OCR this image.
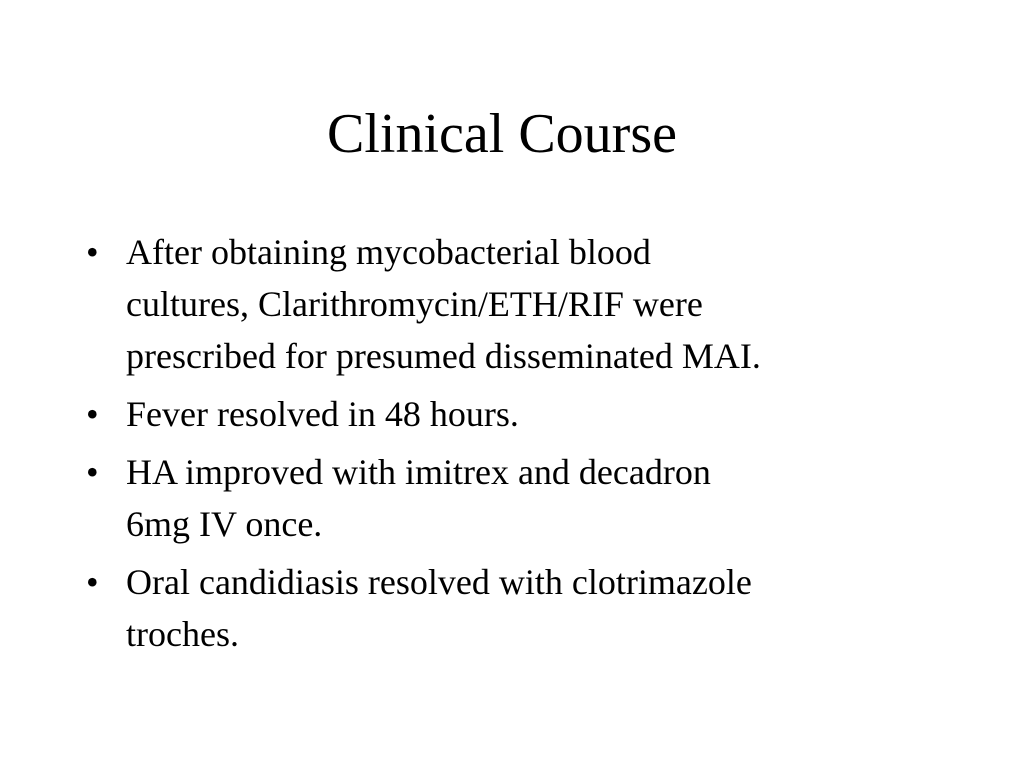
Clinical Course
• After obtaining mycobacterial blood
cultures, Clarithromycin/ETH/RIF were
prescribed for presumed disseminated MAI.
• Fever resolved in 48 hours.
• HA improved with imitrex and decadron
6mg IV once.
• Oral candidiasis resolved with clotrimazole
troches.
